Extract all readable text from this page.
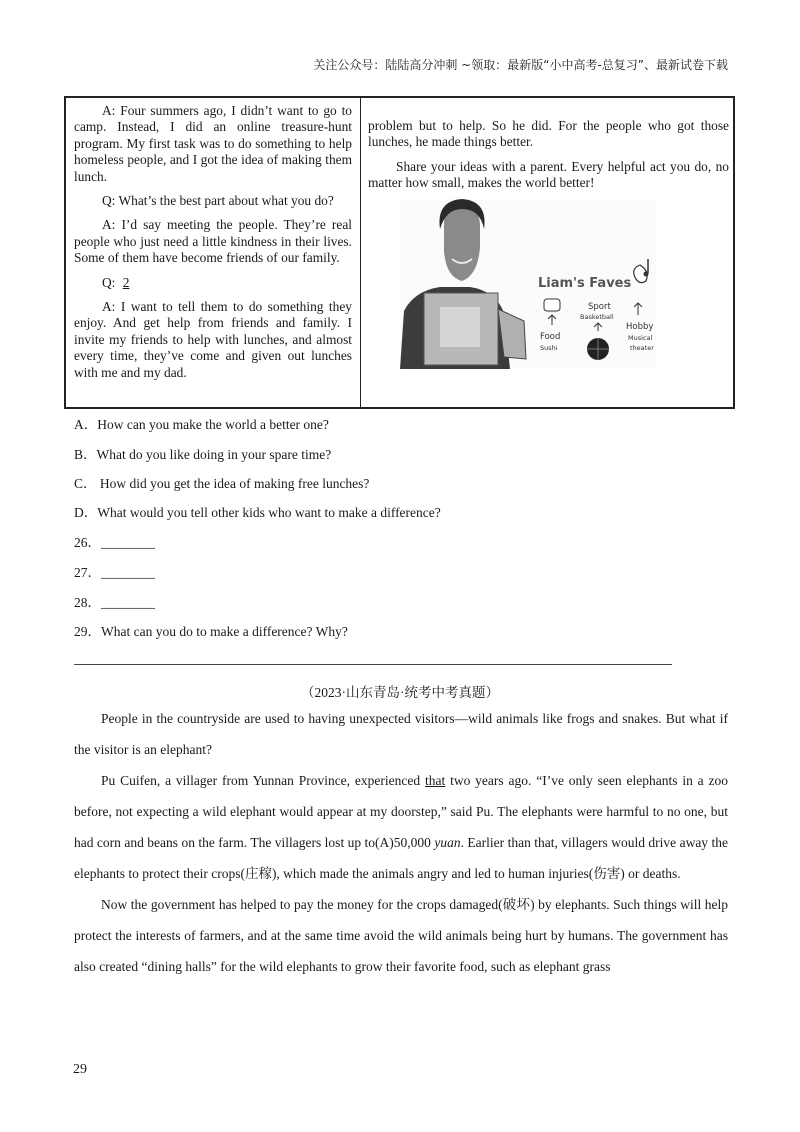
关注公众号：陆陆高分冲刺 ~领取：最新版“小中高考-总复习”、最新试卷下载

A: Four summers ago, I didn’t want to go to camp. Instead, I did an online treasure-hunt program. My first task was to do something to help homeless people, and I got the idea of making them lunch.

Q: What’s the best part about what you do?

A: I’d say meeting the people. They’re real people who just need a little kindness in their lives. Some of them have become friends of our family.

Q: 2

A: I want to tell them to do something they enjoy. And get help from friends and family. I invite my friends to help with lunches, and almost every time, they’ve come and given out lunches with me and my dad.

problem but to help. So he did. For the people who got those lunches, he made things better.

Share your ideas with a parent. Every helpful act you do, no matter how small, makes the world better!

Liam's Faves
Sport
Basketball
Food
Sushi
Hobby
Musical
theater
A．How can you make the world a better one?
B．What do you like doing in your spare time?
C． How did you get the idea of making free lunches?
D．What would you tell other kids who want to make a difference?
26．________
27．________
28．________
29．What can you do to make a difference? Why?
（2023·山东青岛·统考中考真题）

People in the countryside are used to having unexpected visitors—wild animals like frogs and snakes. But what if the visitor is an elephant?

Pu Cuifen, a villager from Yunnan Province, experienced that two years ago. “I’ve only seen elephants in a zoo before, not expecting a wild elephant would appear at my doorstep,” said Pu. The elephants were harmful to no one, but had corn and beans on the farm. The villagers lost up to(A)50,000 yuan. Earlier than that, villagers would drive away the elephants to protect their crops(庄稼), which made the animals angry and led to human injuries(伤害) or deaths.

Now the government has helped to pay the money for the crops damaged(破坏) by elephants. Such things will help protect the interests of farmers, and at the same time avoid the wild animals being hurt by humans. The government has also created “dining halls” for the wild elephants to grow their favorite food, such as elephant grass

29
